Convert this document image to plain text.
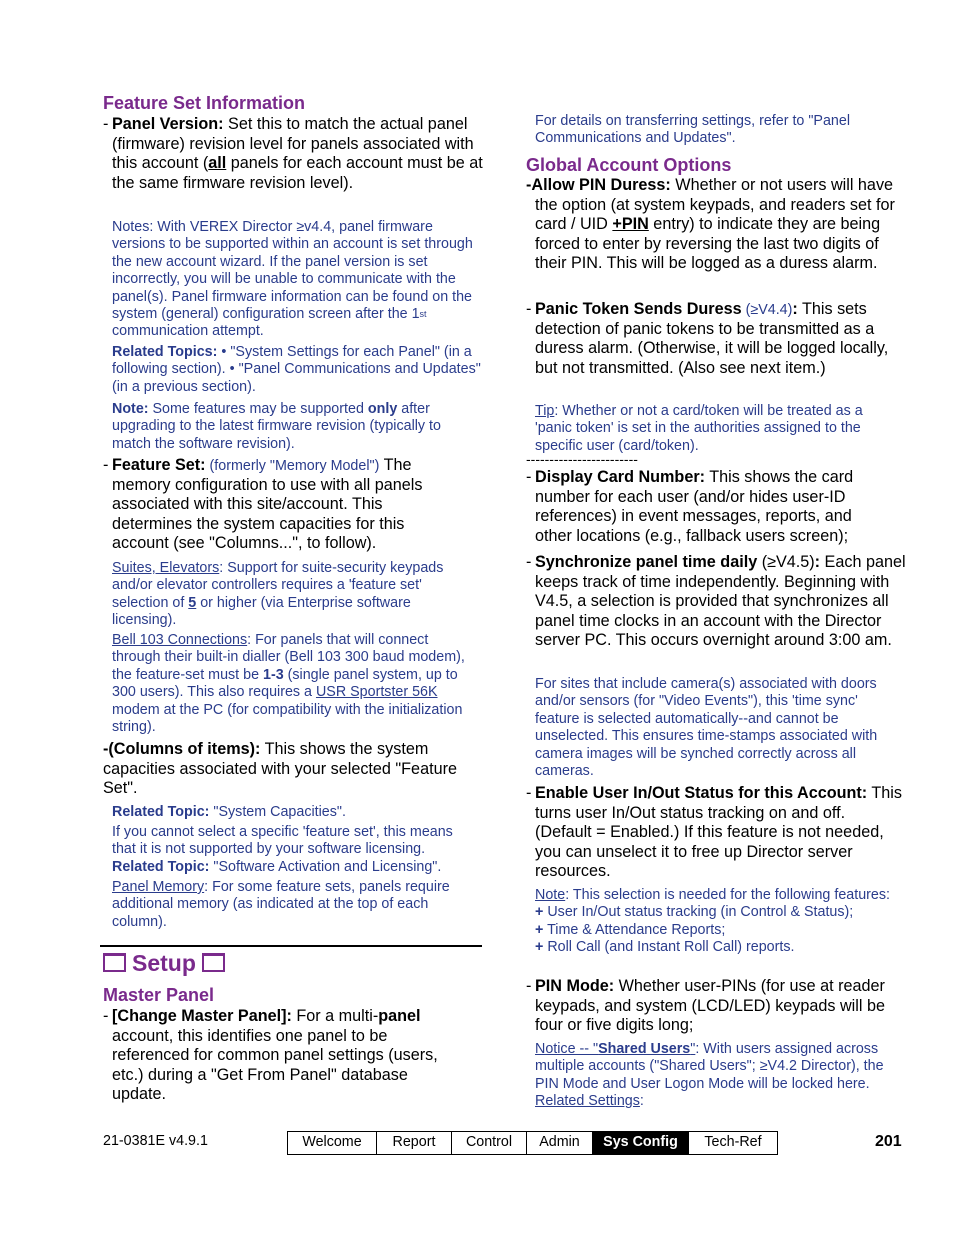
Feature Set Information
- Panel Version: Set this to match the actual panel (firmware) revision level for panels associated with this account (all panels for each account must be at the same firmware revision level).
Notes: With VEREX Director ≥v4.4, panel firmware versions to be supported within an account is set through the new account wizard. If the panel version is set incorrectly, you will be unable to communicate with the panel(s). Panel firmware information can be found on the system (general) configuration screen after the 1st communication attempt.
Related Topics: • "System Settings for each Panel" (in a following section). • "Panel Communications and Updates" (in a previous section).
Note: Some features may be supported only after upgrading to the latest firmware revision (typically to match the software revision).
- Feature Set: (formerly "Memory Model") The memory configuration to use with all panels associated with this site/account. This determines the system capacities for this account (see "Columns...", to follow).
Suites, Elevators: Support for suite-security keypads and/or elevator controllers requires a 'feature set' selection of 5 or higher (via Enterprise software licensing).
Bell 103 Connections: For panels that will connect through their built-in dialler (Bell 103 300 baud modem), the feature-set must be 1-3 (single panel system, up to 300 users). This also requires a USR Sportster 56K modem at the PC (for compatibility with the initialization string).
-(Columns of items): This shows the system capacities associated with your selected "Feature Set".
Related Topic: "System Capacities".
If you cannot select a specific 'feature set', this means that it is not supported by your software licensing.
Related Topic: "Software Activation and Licensing".
Panel Memory: For some feature sets, panels require additional memory (as indicated at the top of each column).
Setup
Master Panel
- [Change Master Panel]: For a multi-panel account, this identifies one panel to be referenced for common panel settings (users, etc.) during a "Get From Panel" database update.
For details on transferring settings, refer to "Panel Communications and Updates".
Global Account Options
-Allow PIN Duress: Whether or not users will have the option (at system keypads, and readers set for card / UID +PIN entry) to indicate they are being forced to enter by reversing the last two digits of their PIN. This will be logged as a duress alarm.
- Panic Token Sends Duress (≥V4.4): This sets detection of panic tokens to be transmitted as a duress alarm. (Otherwise, it will be logged locally, but not transmitted. (Also see next item.)
Tip: Whether or not a card/token will be treated as a 'panic token' is set in the authorities assigned to the specific user (card/token).
------------------------
- Display Card Number: This shows the card number for each user (and/or hides user-ID references) in event messages, reports, and other locations (e.g., fallback users screen);
- Synchronize panel time daily (≥V4.5): Each panel keeps track of time independently. Beginning with V4.5, a selection is provided that synchronizes all panel time clocks in an account with the Director server PC. This occurs overnight around 3:00 am.
For sites that include camera(s) associated with doors and/or sensors (for "Video Events"), this 'time sync' feature is selected automatically--and cannot be unselected. This ensures time-stamps associated with camera images will be synched correctly across all cameras.
- Enable User In/Out Status for this Account: This turns user In/Out status tracking on and off. (Default = Enabled.) If this feature is not needed, you can unselect it to free up Director server resources.
Note: This selection is needed for the following features:
+ User In/Out status tracking (in Control & Status);
+ Time & Attendance Reports;
+ Roll Call (and Instant Roll Call) reports.
- PIN Mode: Whether user-PINs (for use at reader keypads, and system (LCD/LED) keypads will be four or five digits long;
Notice -- "Shared Users": With users assigned across multiple accounts ("Shared Users"; ≥V4.2 Director), the PIN Mode and User Logon Mode will be locked here. Related Settings:
21-0381E v4.9.1	Welcome	Report	Control	Admin	Sys Config	Tech-Ref	201
